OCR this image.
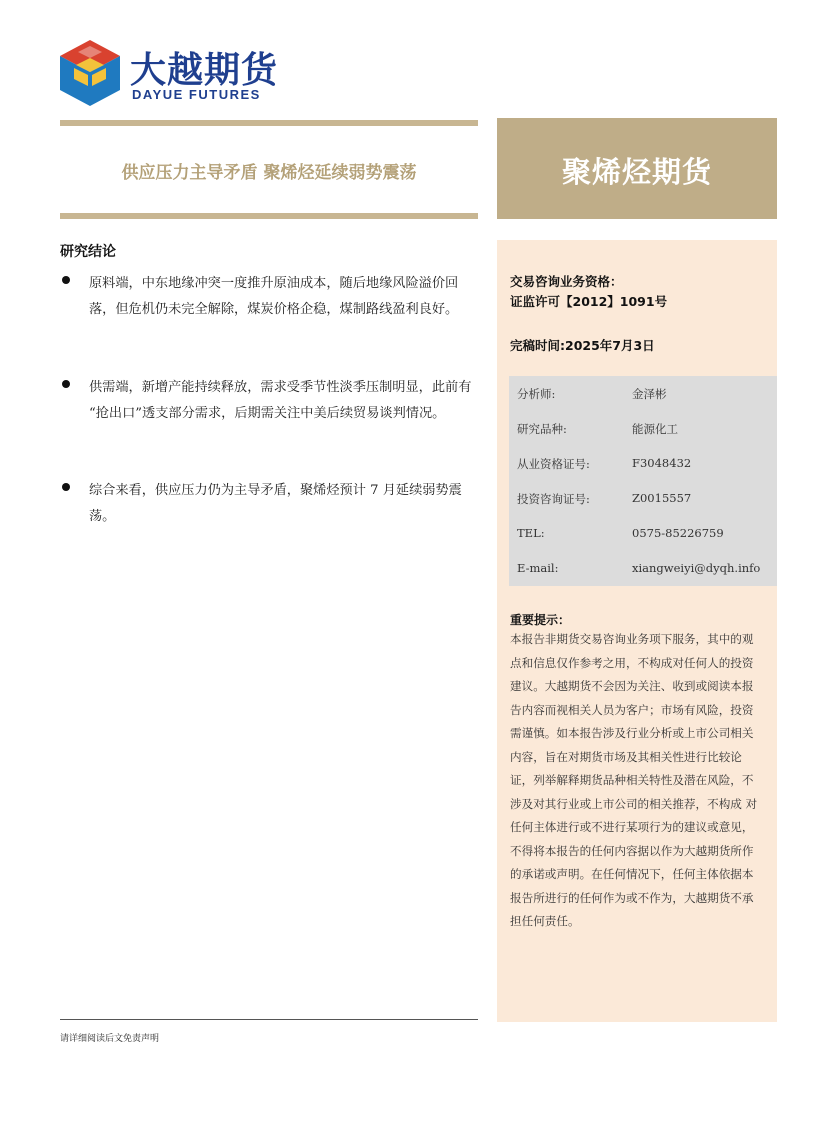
大越期货
DAYUE FUTURES
供应压力主导矛盾 聚烯烃延续弱势震荡	聚烯烃期货
研究结论
原料端，中东地缘冲突一度推升原油成本，随后地缘风险溢价回落，但危机仍未完全解除，煤炭价格企稳，煤制路线盈利良好。
供需端，新增产能持续释放，需求受季节性淡季压制明显，此前有 “抢出口”透支部分需求，后期需关注中美后续贸易谈判情况。
综合来看，供应压力仍为主导矛盾，聚烯烃预计 7 月延续弱势震荡。
交易咨询业务资格：
证监许可【2012】1091号
完稿时间:2025年7月3日
分析师:	金泽彬
研究品种:	能源化工
从业资格证号:	F3048432
投资咨询证号:	Z0015557
TEL:	0575-85226759
E-mail:	xiangweiyi@dyqh.info
重要提示：
本报告非期货交易咨询业务项下服务，其中的观点和信息仅作参考之用，不构成对任何人的投资建议。大越期货不会因为关注、收到或阅读本报告内容而视相关人员为客户；市场有风险，投资需谨慎。如本报告涉及行业分析或上市公司相关内容，旨在对期货市场及其相关性进行比较论证，列举解释期货品种相关特性及潜在风险，不涉及对其行业或上市公司的相关推荐，不构成 对任何主体进行或不进行某项行为的建议或意见，不得将本报告的任何内容据以作为大越期货所作的承诺或声明。在任何情况下，任何主体依据本报告所进行的任何作为或不作为，大越期货不承担任何责任。
请详细阅读后文免责声明
